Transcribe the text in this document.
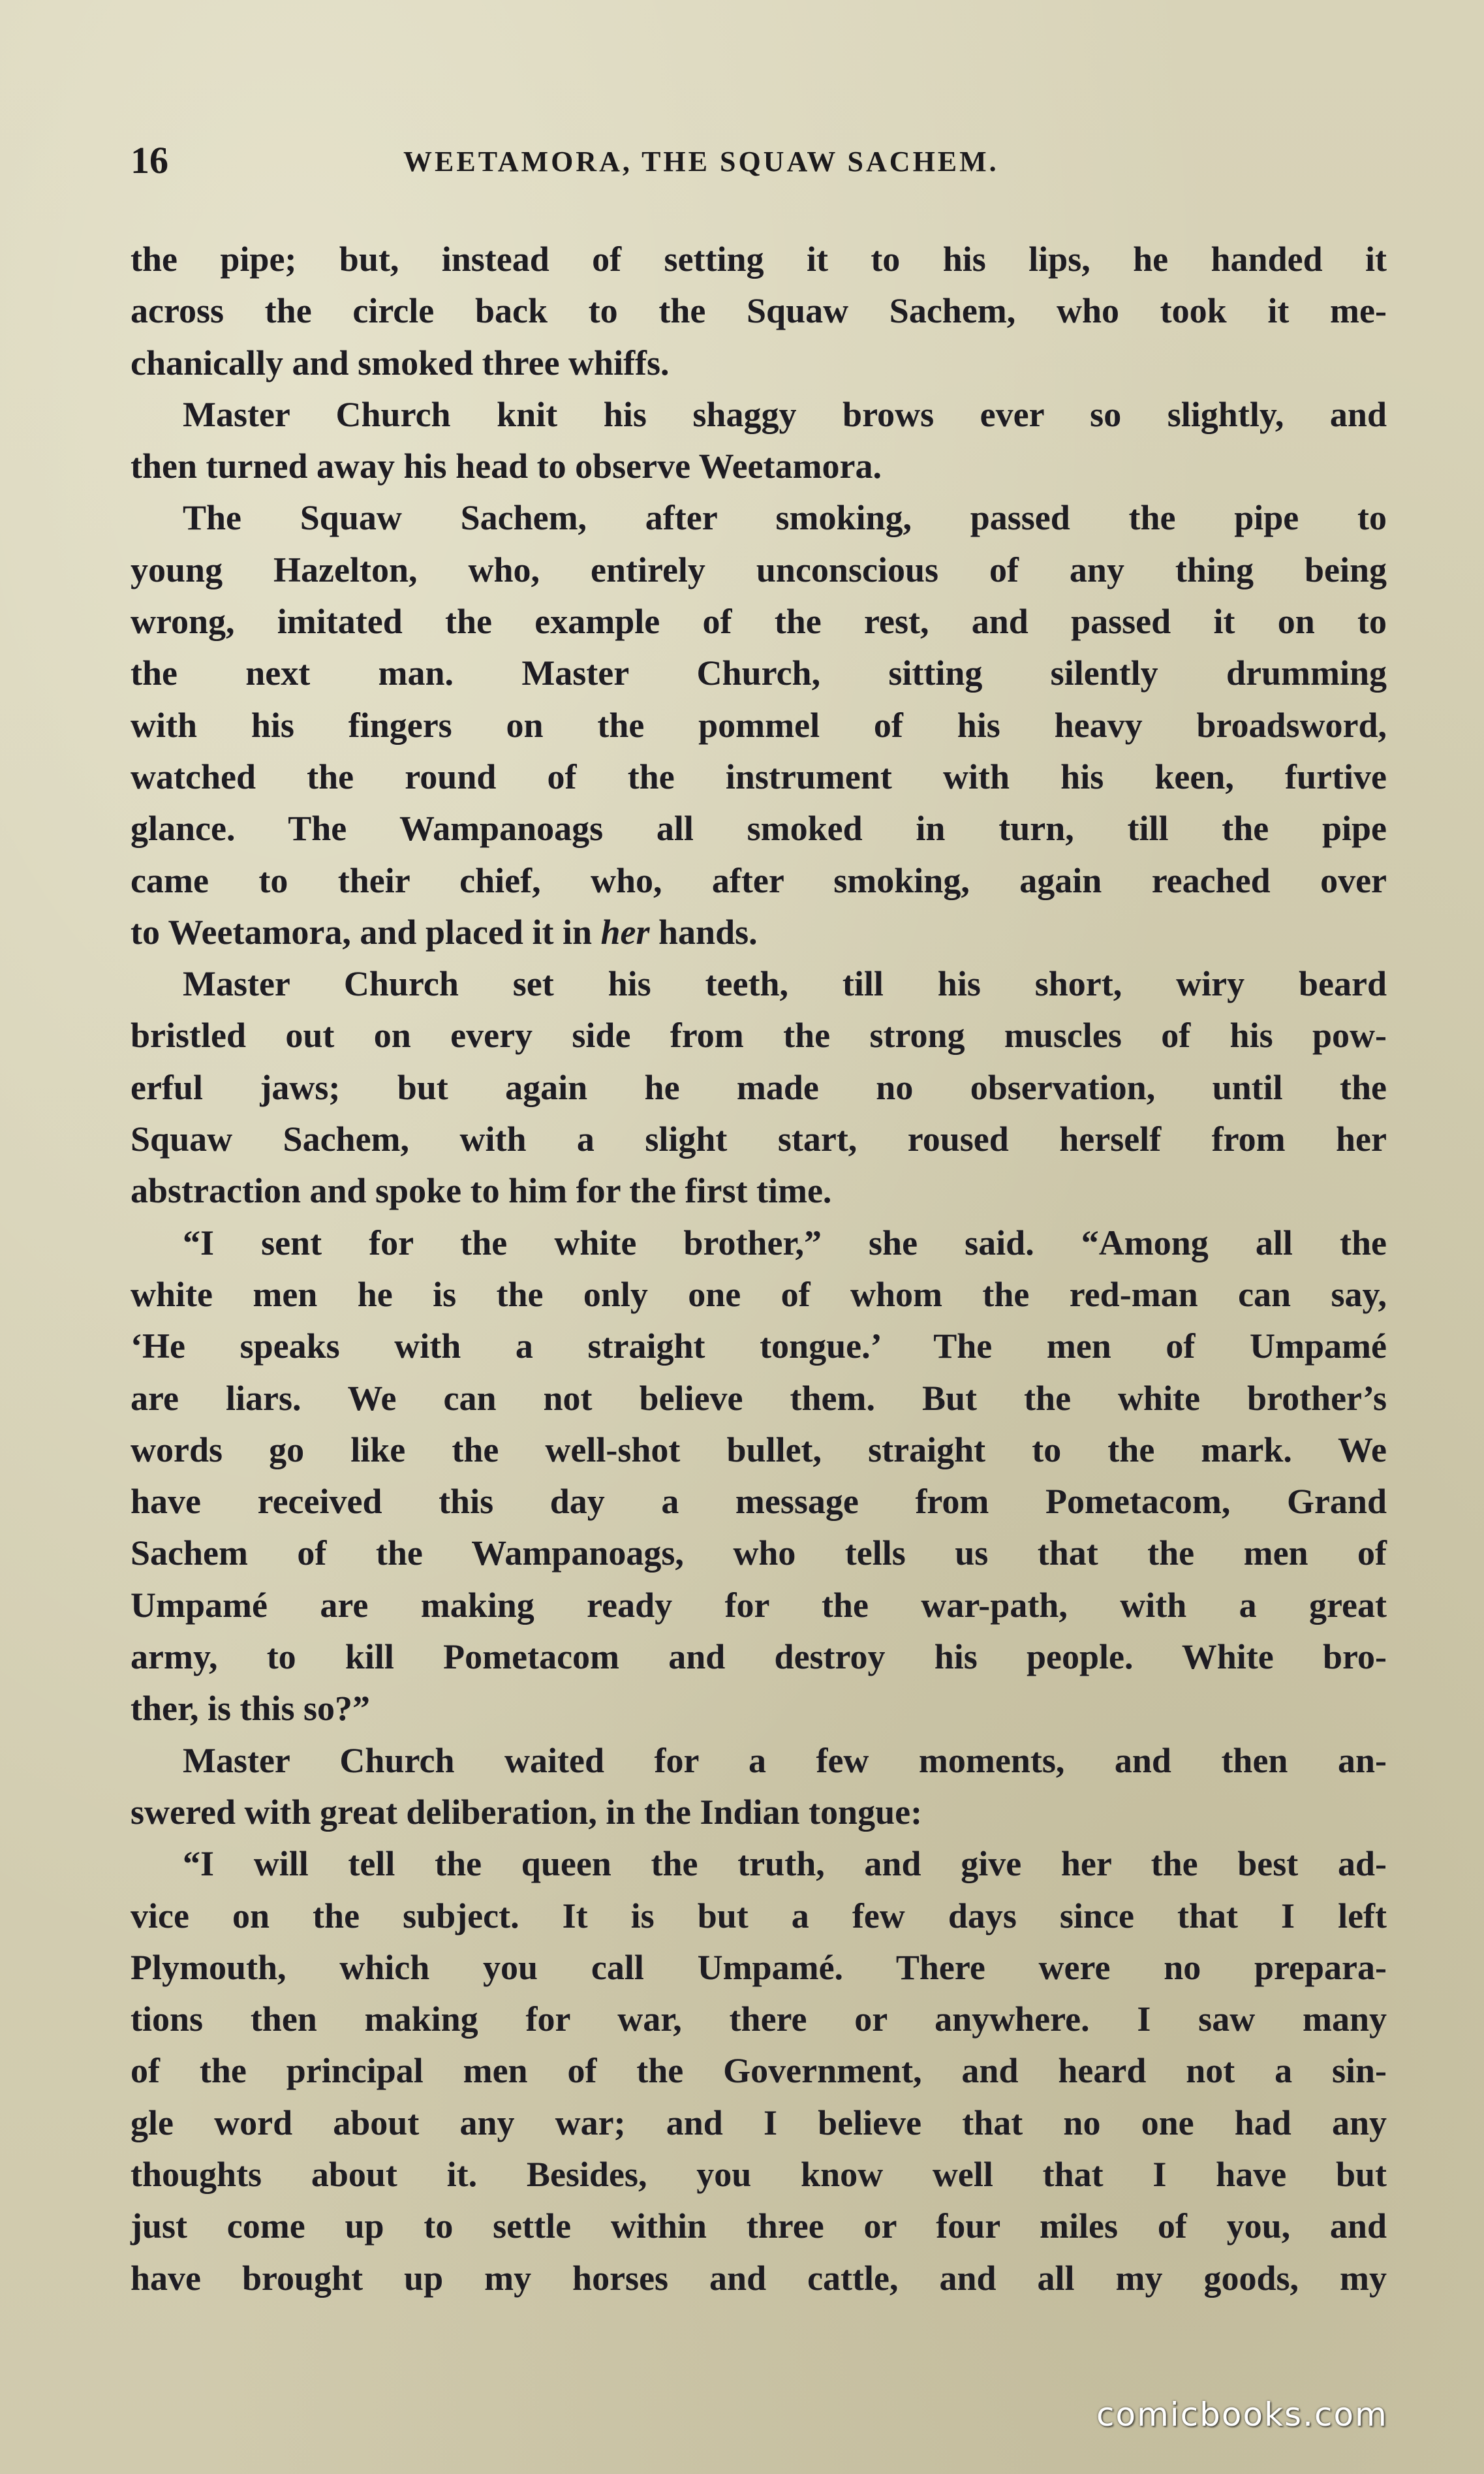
16	WEETAMORA, THE SQUAW SACHEM.
the pipe; but, instead of setting it to his lips, he handed it
across the circle back to the Squaw Sachem, who took it me-
chanically and smoked three whiffs.
Master Church knit his shaggy brows ever so slightly, and
then turned away his head to observe Weetamora.
The Squaw Sachem, after smoking, passed the pipe to
young Hazelton, who, entirely unconscious of any thing being
wrong, imitated the example of the rest, and passed it on to
the next man. Master Church, sitting silently drumming
with his fingers on the pommel of his heavy broadsword,
watched the round of the instrument with his keen, furtive
glance. The Wampanoags all smoked in turn, till the pipe
came to their chief, who, after smoking, again reached over
to Weetamora, and placed it in her hands.
Master Church set his teeth, till his short, wiry beard
bristled out on every side from the strong muscles of his pow-
erful jaws; but again he made no observation, until the
Squaw Sachem, with a slight start, roused herself from her
abstraction and spoke to him for the first time.
“I sent for the white brother,” she said. “Among all the
white men he is the only one of whom the red-man can say,
‘He speaks with a straight tongue.’ The men of Umpamé
are liars. We can not believe them. But the white brother’s
words go like the well-shot bullet, straight to the mark. We
have received this day a message from Pometacom, Grand
Sachem of the Wampanoags, who tells us that the men of
Umpamé are making ready for the war-path, with a great
army, to kill Pometacom and destroy his people. White bro-
ther, is this so?”
Master Church waited for a few moments, and then an-
swered with great deliberation, in the Indian tongue:
“I will tell the queen the truth, and give her the best ad-
vice on the subject. It is but a few days since that I left
Plymouth, which you call Umpamé. There were no prepara-
tions then making for war, there or anywhere. I saw many
of the principal men of the Government, and heard not a sin-
gle word about any war; and I believe that no one had any
thoughts about it. Besides, you know well that I have but
just come up to settle within three or four miles of you, and
have brought up my horses and cattle, and all my goods, my
comicbooks.com
